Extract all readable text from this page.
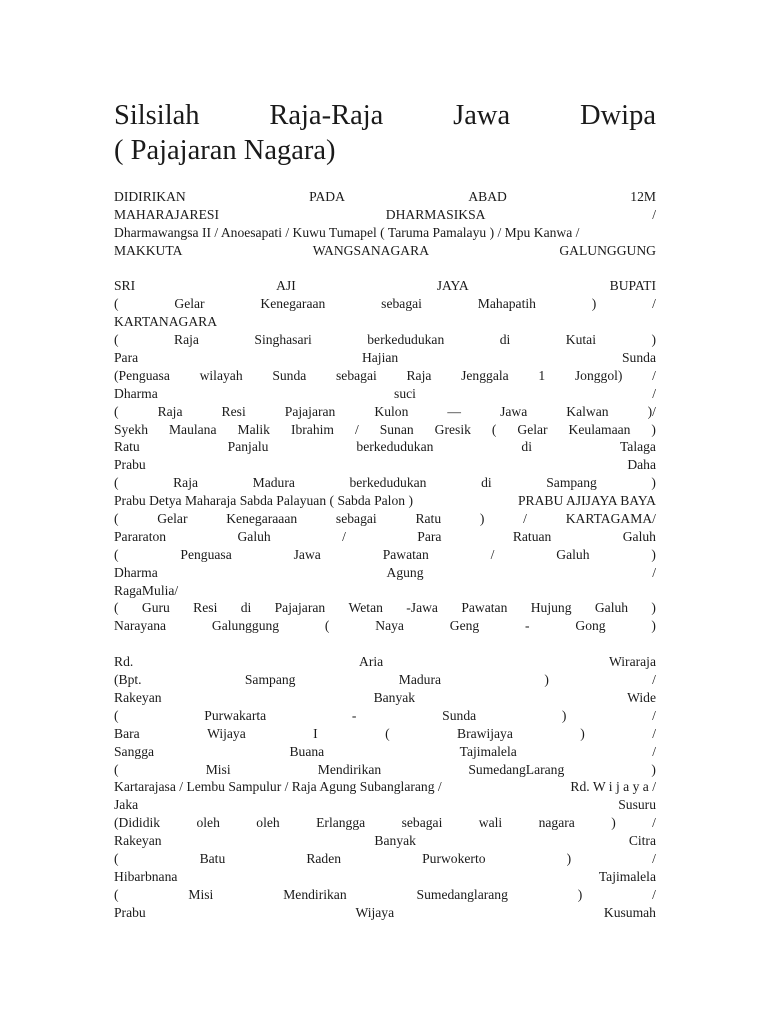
Silsilah Raja-Raja Jawa Dwipa
( Pajajaran Nagara)
DIDIRIKAN	PADA	ABAD	12M
MAHARAJARESI	DHARMASIKSA	/
Dharmawangsa II / Anoesapati / Kuwu Tumapel ( Taruma Pamalayu ) / Mpu Kanwa /
MAKKUTA	WANGSANAGARA	GALUNGGUNG
SRI	AJI	JAYA	BUPATI
(	Gelar	Kenegaraan	sebagai	Mahapatih	)	/
KARTANAGARA
(	Raja	Singhasari	berkedudukan	di	Kutai	)
Para	Hajian	Sunda
(Penguasa wilayah Sunda sebagai Raja Jenggala 1 Jonggol) /
Dharma	suci	/
(	Raja	Resi	Pajajaran	Kulon	—	Jawa	Kalwan	)/
Syekh Maulana Malik Ibrahim / Sunan Gresik ( Gelar Keulamaan )
Ratu	Panjalu	berkedudukan	di	Talaga
Prabu	Daha
(	Raja	Madura	berkedudukan	di	Sampang	)
Prabu Detya Maharaja Sabda Palayuan ( Sabda Palon )	PRABU AJIJAYA BAYA
(	Gelar	Kenegaraaan	sebagai	Ratu	)	/	KARTAGAMA/
Pararaton	Galuh	/	Para	Ratuan	Galuh
(	Penguasa	Jawa	Pawatan	/	Galuh	)
Dharma	Agung	/
RagaMulia/
( Guru Resi di Pajajaran Wetan -Jawa Pawatan Hujung Galuh )
Narayana	Galunggung	(	Naya	Geng	-	Gong	)
Rd.	Aria	Wiraraja
(Bpt.	Sampang	Madura	)	/
Rakeyan	Banyak	Wide
(	Purwakarta	-	Sunda	)	/
Bara	Wijaya	I	(	Brawijaya	)	/
Sangga	Buana	Tajimalela	/
(	Misi	Mendirikan	SumedangLarang	)
Kartarajasa / Lembu Sampulur / Raja Agung Subanglarang /	Rd. W i j a y a /
Jaka	Susuru
(Dididik	oleh	oleh	Erlangga	sebagai	wali	nagara	)	/
Rakeyan	Banyak	Citra
(	Batu	Raden	Purwokerto	)	/
Hibarbnana	Tajimalela
(	Misi	Mendirikan	Sumedanglarang	)	/
Prabu	Wijaya	Kusumah
